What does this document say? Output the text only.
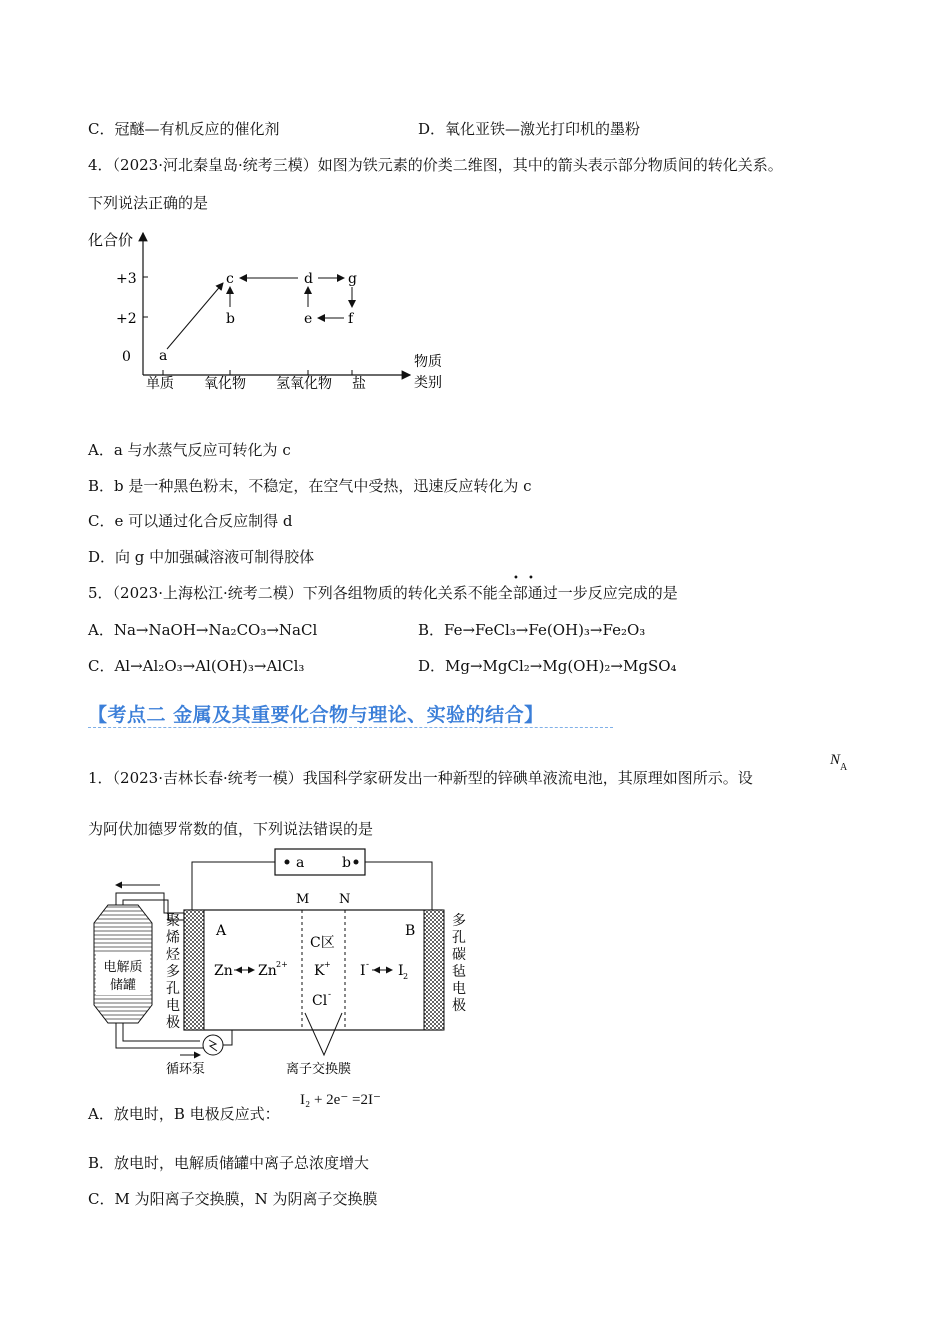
C．冠醚—有机反应的催化剂	D．氧化亚铁—激光打印机的墨粉
4．（2023·河北秦皇岛·统考三模）如图为铁元素的价类二维图，其中的箭头表示部分物质间的转化关系。
下列说法正确的是
化合价
+3
+2
0
单质 氧化物 氢氧化物 盐
物质
类别
a
b
c	d
e	f
g
A．a 与水蒸气反应可转化为 c
B．b 是一种黑色粉末，不稳定，在空气中受热，迅速反应转化为 c
C．e 可以通过化合反应制得 d
D．向 g 中加强碱溶液可制得胶体
5．（2023·上海松江·统考二模）下列各组物质的转化关系不能全部通过一步反应完成的是
• •
A．Na→NaOH→Na₂CO₃→NaCl	B．Fe→FeCl₃→Fe(OH)₃→Fe₂O₃
C．Al→Al₂O₃→Al(OH)₃→AlCl₃	D．Mg→MgCl₂→Mg(OH)₂→MgSO₄
【考点二 金属及其重要化合物与理论、实验的结合】
1．（2023·吉林长春·统考一模）我国科学家研发出一种新型的锌碘单液流电池，其原理如图所示。设
$N_A$
为阿伏加德罗常数的值，下列说法错误的是
a	b
M N
A	B
Zn Zn 2+
C区
K +
Cl -
I - I 2
聚烯烃多孔电极
多孔碳毡电极
电解质
储罐
循环泵	离子交换膜
A．放电时，B 电极反应式：
I₂ + 2e⁻ =2I⁻
B．放电时，电解质储罐中离子总浓度增大
C．M 为阳离子交换膜，N 为阴离子交换膜
